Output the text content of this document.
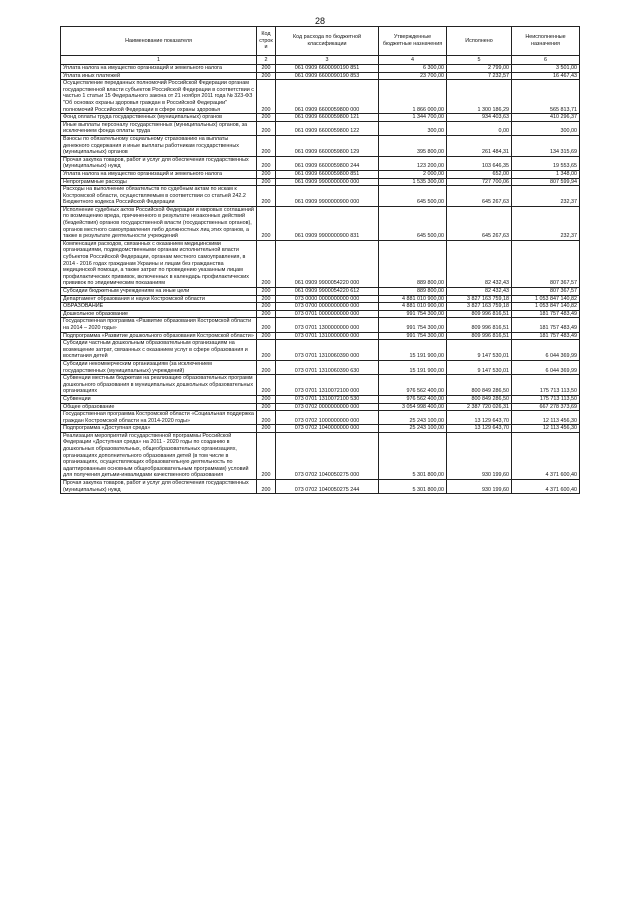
28
Наименование показателя	Код строк и	Код расхода по бюджетной классификации	Утвержденные бюджетные назначения	Исполнено	Неисполненные назначения
1	2	3	4	5	6
Уплата налога на имущество организаций и земельного налога	200	061 0909 6600090190 851	6 300,00	2 799,00	3 501,00
Уплата иных платежей	200	061 0909 6600090190 853	23 700,00	7 232,57	16 467,43
Осуществление переданных полномочий Российской Федерации органам государственной власти субъектов Российской Федерации в соответствии с частью 1 статьи 15 Федерального закона от 21 ноября 2011 года № 323-ФЗ "Об основах охраны здоровья граждан в Российской Федерации" полномочий Российской Федерации в сфере охраны здоровья	200	061 0909 6600059800 000	1 866 000,00	1 300 186,29	565 813,71
Фонд оплаты труда государственных (муниципальных) органов	200	061 0909 6600059800 121	1 344 700,00	934 403,63	410 296,37
Иные выплаты персоналу государственных (муниципальных) органов, за исключением фонда оплаты труда	200	061 0909 6600059800 122	300,00	0,00	300,00
Взносы по обязательному социальному страхованию на выплаты денежного содержания и иные выплаты работникам государственных (муниципальных) органов	200	061 0909 6600059800 129	395 800,00	261 484,31	134 315,69
Прочая закупка товаров, работ и услуг для обеспечения государственных (муниципальных) нужд	200	061 0909 6600059800 244	123 200,00	103 646,35	19 553,65
Уплата налога на имущество организаций и земельного налога	200	061 0909 6600059800 851	2 000,00	652,00	1 348,00
Непрограммные расходы	200	061 0909 9900000000 000	1 535 300,00	727 700,06	807 599,94
Расходы на выполнение обязательств по судебным актам по искам к Костромской области, осуществляемым в соответствии со статьей 242.2 Бюджетного кодекса Российской Федерации	200	061 0909 9900000900 000	645 500,00	645 267,63	232,37
Исполнение судебных актов Российской Федерации и мировых соглашений по возмещению вреда, причиненного в результате незаконных действий (бездействия) органов государственной власти (государственных органов), органов местного самоуправления либо должностных лиц этих органов, а также в результате деятельности учреждений	200	061 0909 9900000900 831	645 500,00	645 267,63	232,37
Компенсация расходов, связанных с оказанием медицинскими организациями, подведомственными органам исполнительной власти субъектов Российской Федерации, органам местного самоуправления, в 2014 - 2016 годах гражданам Украины и лицам без гражданства медицинской помощи, а также затрат по проведению указанным лицам профилактических прививок, включенных в календарь профилактических прививок по эпидемическим показаниям	200	061 0909 9900054220 000	889 800,00	82 432,43	807 367,57
Субсидии бюджетным учреждениям на иные цели	200	061 0909 9900054220 612	889 800,00	82 432,43	807 367,57
Департамент образования и науки Костромской области	200	073 0000 0000000000 000	4 881 010 900,00	3 827 163 759,18	1 053 847 140,82
ОБРАЗОВАНИЕ	200	073 0700 0000000000 000	4 881 010 900,00	3 827 163 759,18	1 053 847 140,82
Дошкольное образование	200	073 0701 0000000000 000	991 754 300,00	809 996 816,51	181 757 483,49
Государственная программа «Развитие образования Костромской области на 2014 – 2020 годы»	200	073 0701 1300000000 000	991 754 300,00	809 996 816,51	181 757 483,49
Подпрограмма «Развитие дошкольного образования Костромской области»	200	073 0701 1310000000 000	991 754 300,00	809 996 816,51	181 757 483,49
Субсидии частным дошкольным образовательным организациям на возмещение затрат, связанных с оказанием услуг в сфере образования и воспитания детей	200	073 0701 1310060390 000	15 191 900,00	9 147 530,01	6 044 369,99
Субсидии некоммерческим организациям (за исключением государственных (муниципальных) учреждений)	200	073 0701 1310060390 630	15 191 900,00	9 147 530,01	6 044 369,99
Субвенции местным бюджетам на реализацию образовательных программ дошкольного образования в муниципальных дошкольных образовательных организациях	200	073 0701 1310072100 000	976 562 400,00	800 849 286,50	175 713 113,50
Субвенции	200	073 0701 1310072100 530	976 562 400,00	800 849 286,50	175 713 113,50
Общее образование	200	073 0702 0000000000 000	3 054 998 400,00	2 387 720 026,31	667 278 373,69
Государственная программа Костромской области «Социальная поддержка граждан Костромской области на 2014-2020 годы»	200	073 0702 1000000000 000	25 243 100,00	13 129 643,70	12 113 456,30
Подпрограмма «Доступная среда»	200	073 0702 1040000000 000	25 243 100,00	13 129 643,70	12 113 456,30
Реализация мероприятий государственной программы Российской Федерации «Доступная среда» на 2011 - 2020 годы по созданию в дошкольных образовательных, общеобразовательных организациях, организациях дополнительного образования детей (в том числе в организациях, осуществляющих образовательную деятельность по адаптированным основным общеобразовательным программам) условий для получения детьми-инвалидами качественного образования	200	073 0702 1040050275 000	5 301 800,00	930 199,60	4 371 600,40
Прочая закупка товаров, работ и услуг для обеспечения государственных (муниципальных) нужд	200	073 0702 1040050275 244	5 301 800,00	930 199,60	4 371 600,40
